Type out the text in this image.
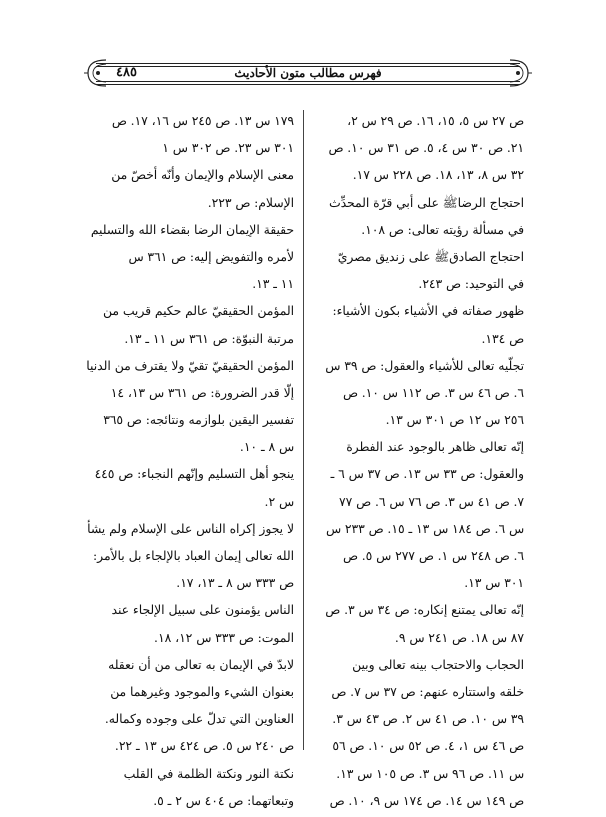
فهرس مطالب متون الأحاديث
٤٨٥
ص ٢٧ س ٥، ١٥، ١٦. ص ٢٩ س ٢،
٢١. ص ٣٠ س ٤، ٥. ص ٣١ س ١٠. ص
٣٢ س ٨، ١٣، ١٨. ص ٢٢٨ س ١٧.
احتجاج الرضاﷺ على أبي قرّة المحدِّث
في مسألة رؤيته تعالى: ص ١٠٨.
احتجاج الصادقﷺ على زنديق مصريّ
في التوحيد: ص ٢٤٣.
ظهور صفاته في الأشياء بكون الأشياء:
ص ١٣٤.
تجلّيه تعالى للأشياء والعقول: ص ٣٩ س
٦. ص ٤٦ س ٣. ص ١١٢ س ١٠. ص
٢٥٦ س ١٢ ص ٣٠١ س ١٣.
إنّه تعالى ظاهر بالوجود عند الفطرة
والعقول: ص ٣٣ س ١٣. ص ٣٧ س ٦ ـ
٧. ص ٤١ س ٣. ص ٧٦ س ٦. ص ٧٧
س ٦. ص ١٨٤ س ١٣ ـ ١٥. ص ٢٣٣ س
٦. ص ٢٤٨ س ١. ص ٢٧٧ س ٥. ص
٣٠١ س ١٣.
إنّه تعالى يمتنع إنكاره: ص ٣٤ س ٣. ص
٨٧ س ١٨. ص ٢٤١ س ٩.
الحجاب والاحتجاب بينه تعالى وبين
خلقه واستتاره عنهم: ص ٣٧ س ٧. ص
٣٩ س ١٠. ص ٤١ س ٢. ص ٤٣ س ٣.
ص ٤٦ س ١، ٤. ص ٥٢ س ١٠. ص ٥٦
س ١١. ص ٩٦ س ٣. ص ١٠٥ س ١٣.
ص ١٤٩ س ١٤. ص ١٧٤ س ٩، ١٠. ص
١٧٩ س ١٣. ص ٢٤٥ س ١٦، ١٧. ص
٣٠١ س ٢٣. ص ٣٠٢ س ١
معنى الإسلام والإيمان وأنّه أخصّ من
الإسلام: ص ٢٢٣.
حقيقة الإيمان الرضا بقضاء الله والتسليم
لأمره والتفويض إليه: ص ٣٦١ س
١١ ـ ١٣.
المؤمن الحقيقيّ عالم حكيم قريب من
مرتبة النبوّة: ص ٣٦١ س ١١ ـ ١٣.
المؤمن الحقيقيّ تقيّ ولا يقترف من الدنيا
إلّا قدر الضرورة: ص ٣٦١ س ١٣، ١٤
تفسير اليقين بلوازمه ونتائجه: ص ٣٦٥
س ٨ ـ ١٠.
ينجو أهل التسليم وإنّهم النجباء: ص ٤٤٥
س ٢.
لا يجوز إكراه الناس على الإسلام ولم يشأ
الله تعالى إيمان العباد بالإلجاء بل بالأمر:
ص ٣٣٣ س ٨ ـ ١٣، ١٧.
الناس يؤمنون على سبيل الإلجاء عند
الموت: ص ٣٣٣ س ١٢، ١٨.
لابدّ في الإيمان به تعالى من أن نعقله
بعنوان الشيء والموجود وغيرهما من
العناوين التي تدلّ على وجوده وكماله.
ص ٢٤٠ س ٥. ص ٤٢٤ س ١٣ ـ ٢٢.
نكتة النور ونكتة الظلمة في القلب
وتبعاتهما: ص ٤٠٤ س ٢ ـ ٥.
